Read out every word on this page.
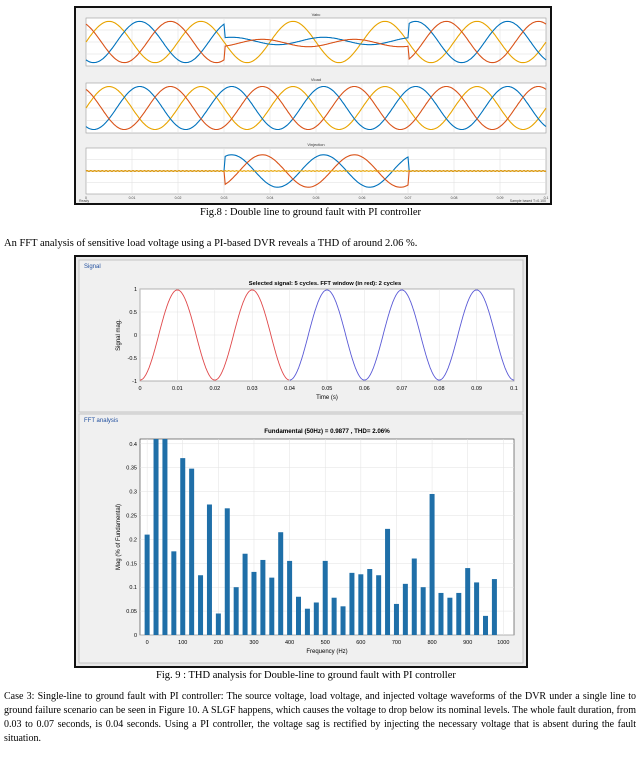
Vabc
Vload
Vinjection
0	0.01	0.02	0.03	0.04	0.05	0.06	0.07	0.08	0.09	0.1
Ready	Sample based T=0.100
Fig.8 : Double line to ground fault with PI controller
An FFT analysis of sensitive load voltage using a PI-based DVR reveals a THD of around 2.06 %.
Signal
FFT analysis
0	0.01	0.02	0.03	0.04	0.05	0.06	0.07	0.08	0.09	0.1
-1
-0.5
0
0.5
1
Selected signal: 5 cycles. FFT window (in red): 2 cycles
Time (s)
Signal mag.
0	100	200	300	400	500	600	700	800	900	1000
0
0.05
0.1
0.15
0.2
0.25
0.3
0.35
0.4
Fundamental (50Hz) = 0.9877 , THD= 2.06%
Frequency (Hz)
Mag (% of Fundamental)
Fig. 9 : THD analysis for Double-line to ground fault with PI controller
Case 3: Single-line to ground fault with PI controller: The source voltage, load voltage, and injected voltage waveforms of the DVR under a single line to ground failure scenario can be seen in Figure 10. A SLGF happens, which causes the voltage to drop below its nominal levels. The whole fault duration, from 0.03 to 0.07 seconds, is 0.04 seconds. Using a PI controller, the voltage sag is rectified by injecting the necessary voltage that is absent during the fault situation.
